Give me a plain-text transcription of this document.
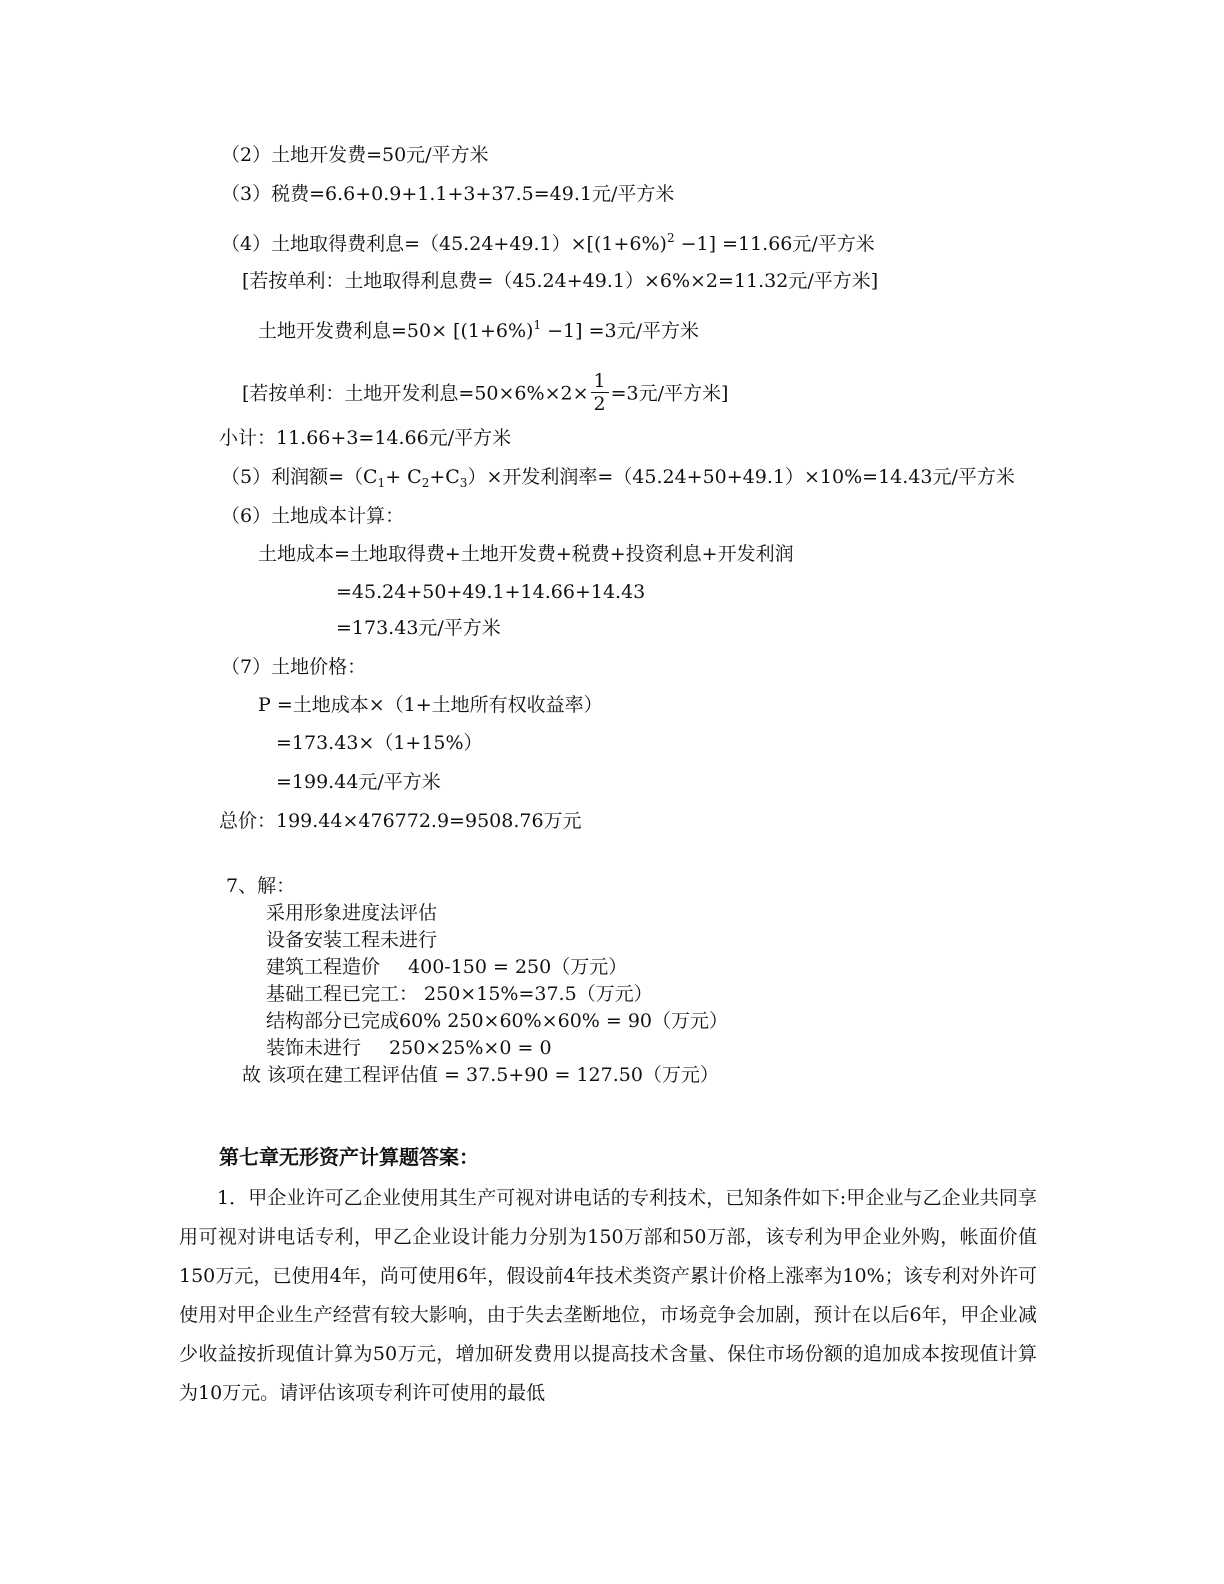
（2）土地开发费=50元/平方米
（3）税费=6.6+0.9+1.1+3+37.5=49.1元/平方米
（4）土地取得费利息$=(45.24+49.1)\times[(1+6\%)^2 -1] =11.66$元/平方米
[若按单利：土地取得利息费=（45.24+49.1）×6%×2=11.32元/平方米]
土地开发费利息$=50\times [(1+6\%)^1 -1] =3$元/平方米
[若按单利：土地开发利息$=50\times 6\%\times 2\times \frac{1}{2} =3$元/平方米]
小计：11.66+3=14.66元/平方米
（5）利润额$=(C_1+ C_2+C_3)\times$开发利润率=（45.24+50+49.1）×10%=14.43元/平方米
（6）土地成本计算：
土地成本=土地取得费+土地开发费+税费+投资利息+开发利润
=45.24+50+49.1+14.66+14.43
=173.43元/平方米
（7）土地价格：
P =土地成本×（1+土地所有权收益率）
=173.43×（1+15%）
=199.44元/平方米
总价：199.44×476772.9=9508.76万元
7、解：
采用形象进度法评估
设备安装工程未进行
建筑工程造价 400-150 = 250（万元）
基础工程已完工： 250×15%=37.5（万元）
结构部分已完成60% 250×60%×60% = 90（万元）
装饰未进行 250×25%×0 = 0
故 该项在建工程评估值 = 37.5+90 = 127.50（万元）
第七章无形资产计算题答案：
1．甲企业许可乙企业使用其生产可视对讲电话的专利技术，已知条件如下:甲企业与乙企业共同享用可视对讲电话专利，甲乙企业设计能力分别为150万部和50万部，该专利为甲企业外购，帐面价值150万元，已使用4年，尚可使用6年，假设前4年技术类资产累计价格上涨率为10%；该专利对外许可使用对甲企业生产经营有较大影响，由于失去垄断地位，市场竞争会加剧，预计在以后6年，甲企业减少收益按折现值计算为50万元，增加研发费用以提高技术含量、保住市场份额的追加成本按现值计算为10万元。请评估该项专利许可使用的最低
